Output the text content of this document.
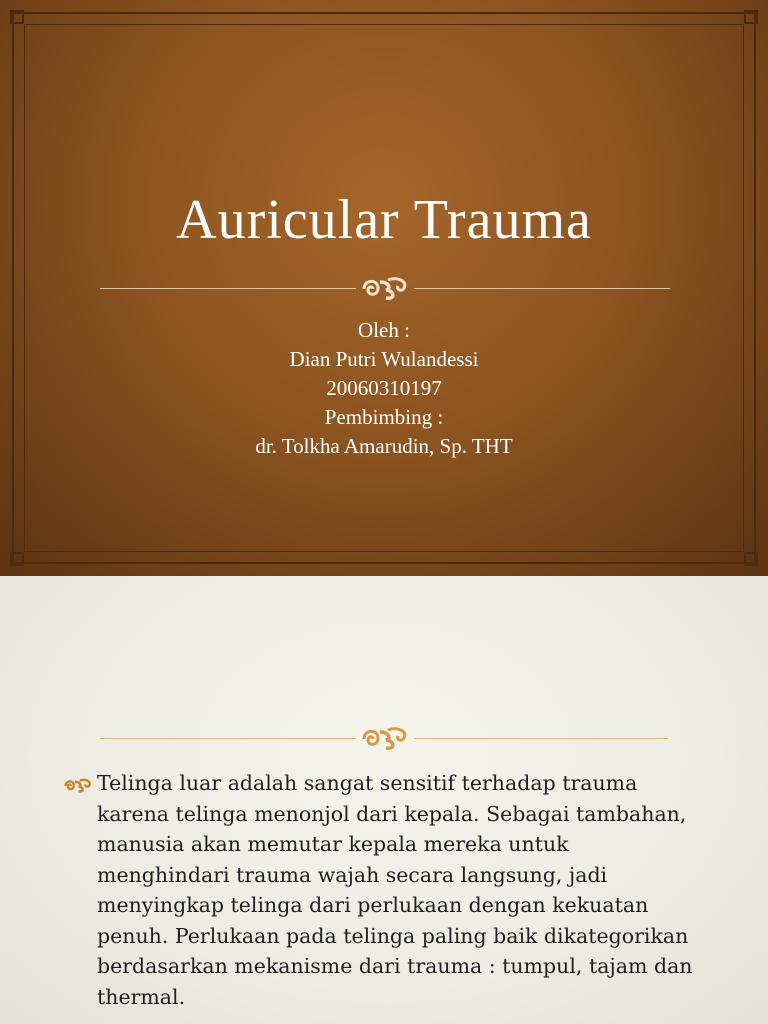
Auricular Trauma
Oleh :
Dian Putri Wulandessi
20060310197
Pembimbing :
dr. Tolkha Amarudin, Sp. THT
Telinga luar adalah sangat sensitif terhadap trauma karena telinga menonjol dari kepala. Sebagai tambahan, manusia akan memutar kepala mereka untuk menghindari trauma wajah secara langsung, jadi menyingkap telinga dari perlukaan dengan kekuatan penuh. Perlukaan pada telinga paling baik dikategorikan berdasarkan mekanisme dari trauma : tumpul, tajam dan thermal.
